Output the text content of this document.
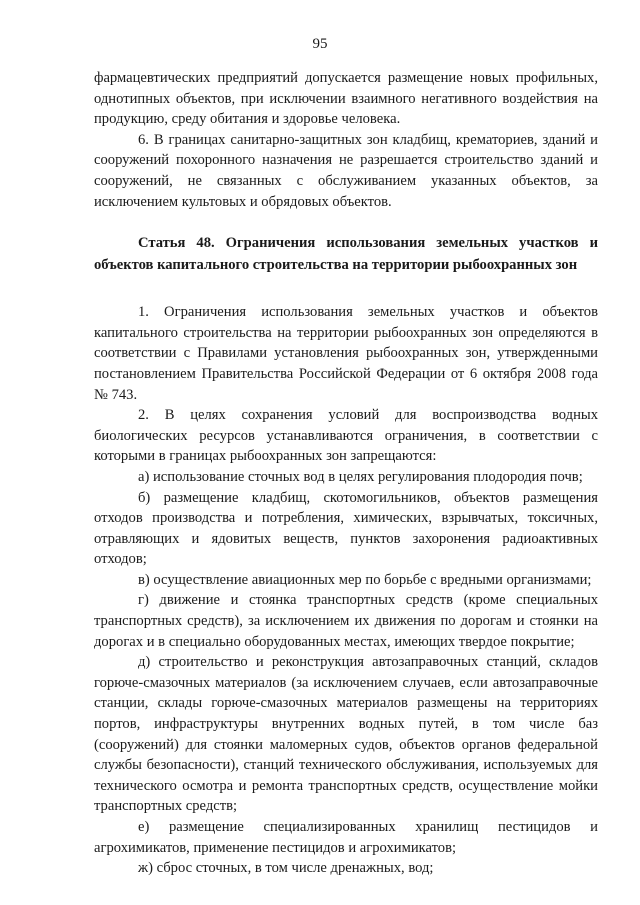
95

фармацевтических предприятий допускается размещение новых профильных, однотипных объектов, при исключении взаимного негативного воздействия на продукцию, среду обитания и здоровье человека.

6. В границах санитарно-защитных зон кладбищ, крематориев, зданий и сооружений похоронного назначения не разрешается строительство зданий и сооружений, не связанных с обслуживанием указанных объектов, за исключением культовых и обрядовых объектов.

Статья 48. Ограничения использования земельных участков и объектов капитального строительства на территории рыбоохранных зон

1. Ограничения использования земельных участков и объектов капитального строительства на территории рыбоохранных зон определяются в соответствии с Правилами установления рыбоохранных зон, утвержденными постановлением Правительства Российской Федерации от 6 октября 2008 года № 743.

2. В целях сохранения условий для воспроизводства водных биологических ресурсов устанавливаются ограничения, в соответствии с которыми в границах рыбоохранных зон запрещаются:

а) использование сточных вод в целях регулирования плодородия почв;

б) размещение кладбищ, скотомогильников, объектов размещения отходов производства и потребления, химических, взрывчатых, токсичных, отравляющих и ядовитых веществ, пунктов захоронения радиоактивных отходов;

в) осуществление авиационных мер по борьбе с вредными организмами;

г) движение и стоянка транспортных средств (кроме специальных транспортных средств), за исключением их движения по дорогам и стоянки на дорогах и в специально оборудованных местах, имеющих твердое покрытие;

д) строительство и реконструкция автозаправочных станций, складов горюче-смазочных материалов (за исключением случаев, если автозаправочные станции, склады горюче-смазочных материалов размещены на территориях портов, инфраструктуры внутренних водных путей, в том числе баз (сооружений) для стоянки маломерных судов, объектов органов федеральной службы безопасности), станций технического обслуживания, используемых для технического осмотра и ремонта транспортных средств, осуществление мойки транспортных средств;

е) размещение специализированных хранилищ пестицидов и агрохимикатов, применение пестицидов и агрохимикатов;

ж) сброс сточных, в том числе дренажных, вод;
